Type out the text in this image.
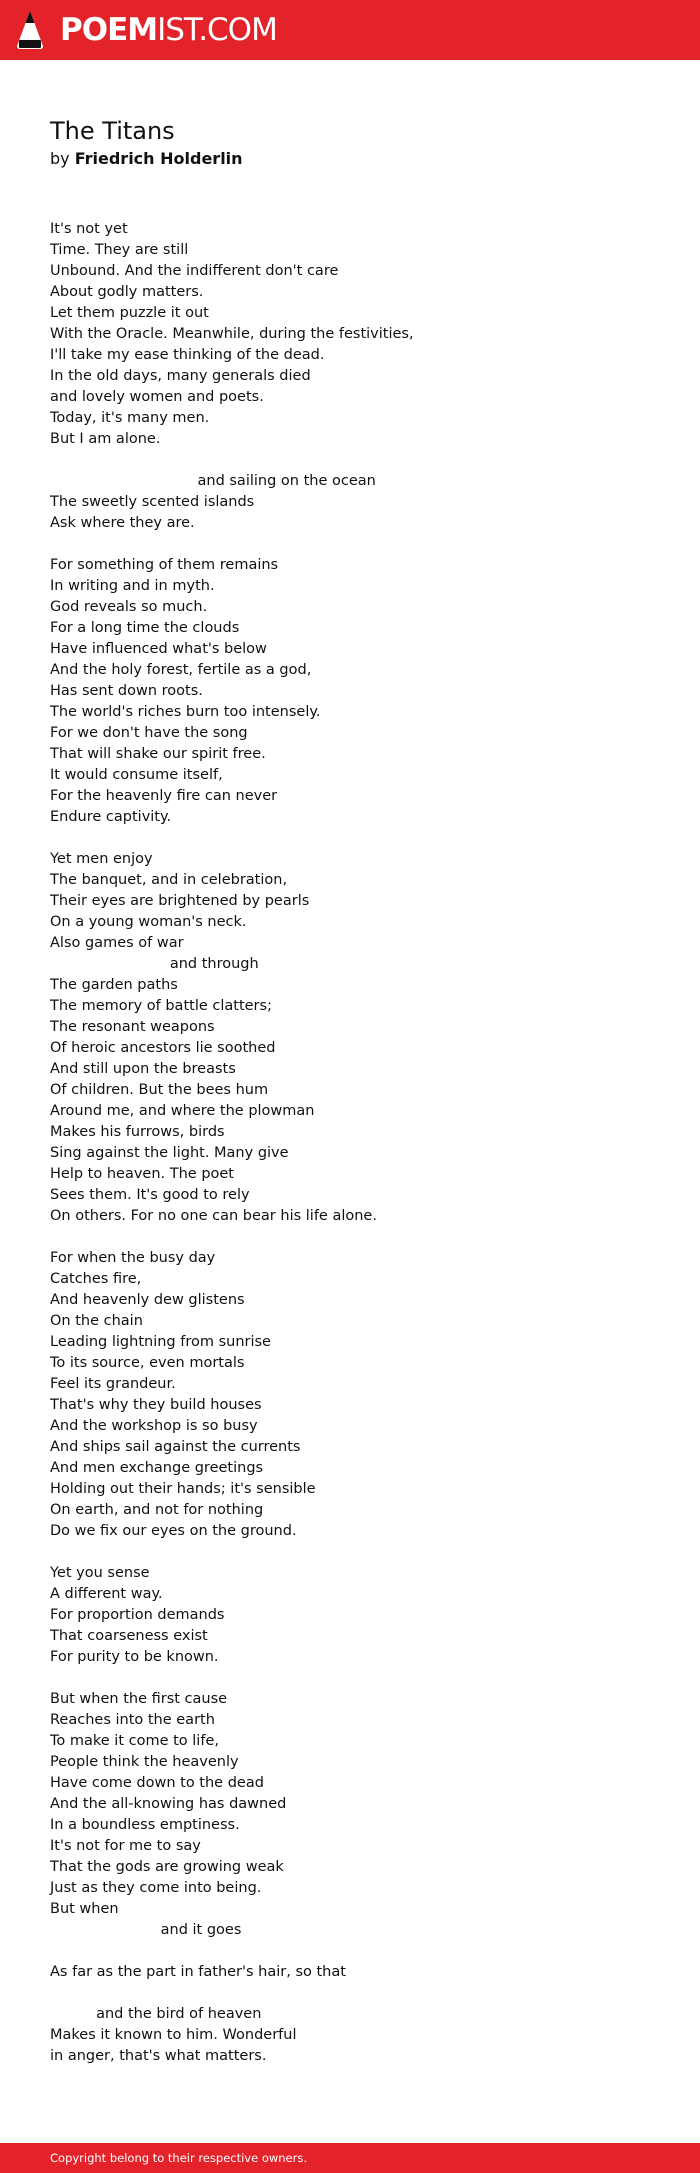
POEMIST.COM
The Titans
by Friedrich Holderlin
It's not yet
Time. They are still
Unbound. And the indifferent don't care
About godly matters.
Let them puzzle it out
With the Oracle. Meanwhile, during the festivities,
I'll take my ease thinking of the dead.
In the old days, many generals died
and lovely women and poets.
Today, it's many men.
But I am alone.
and sailing on the ocean
The sweetly scented islands
Ask where they are.
For something of them remains
In writing and in myth.
God reveals so much.
For a long time the clouds
Have influenced what's below
And the holy forest, fertile as a god,
Has sent down roots.
The world's riches burn too intensely.
For we don't have the song
That will shake our spirit free.
It would consume itself,
For the heavenly fire can never
Endure captivity.
Yet men enjoy
The banquet, and in celebration,
Their eyes are brightened by pearls
On a young woman's neck.
Also games of war
and through
The garden paths
The memory of battle clatters;
The resonant weapons
Of heroic ancestors lie soothed
And still upon the breasts
Of children. But the bees hum
Around me, and where the plowman
Makes his furrows, birds
Sing against the light. Many give
Help to heaven. The poet
Sees them. It's good to rely
On others. For no one can bear his life alone.
For when the busy day
Catches fire,
And heavenly dew glistens
On the chain
Leading lightning from sunrise
To its source, even mortals
Feel its grandeur.
That's why they build houses
And the workshop is so busy
And ships sail against the currents
And men exchange greetings
Holding out their hands; it's sensible
On earth, and not for nothing
Do we fix our eyes on the ground.
Yet you sense
A different way.
For proportion demands
That coarseness exist
For purity to be known.
But when the first cause
Reaches into the earth
To make it come to life,
People think the heavenly
Have come down to the dead
And the all-knowing has dawned
In a boundless emptiness.
It's not for me to say
That the gods are growing weak
Just as they come into being.
But when
and it goes
As far as the part in father's hair, so that
and the bird of heaven
Makes it known to him. Wonderful
in anger, that's what matters.
Copyright belong to their respective owners.
